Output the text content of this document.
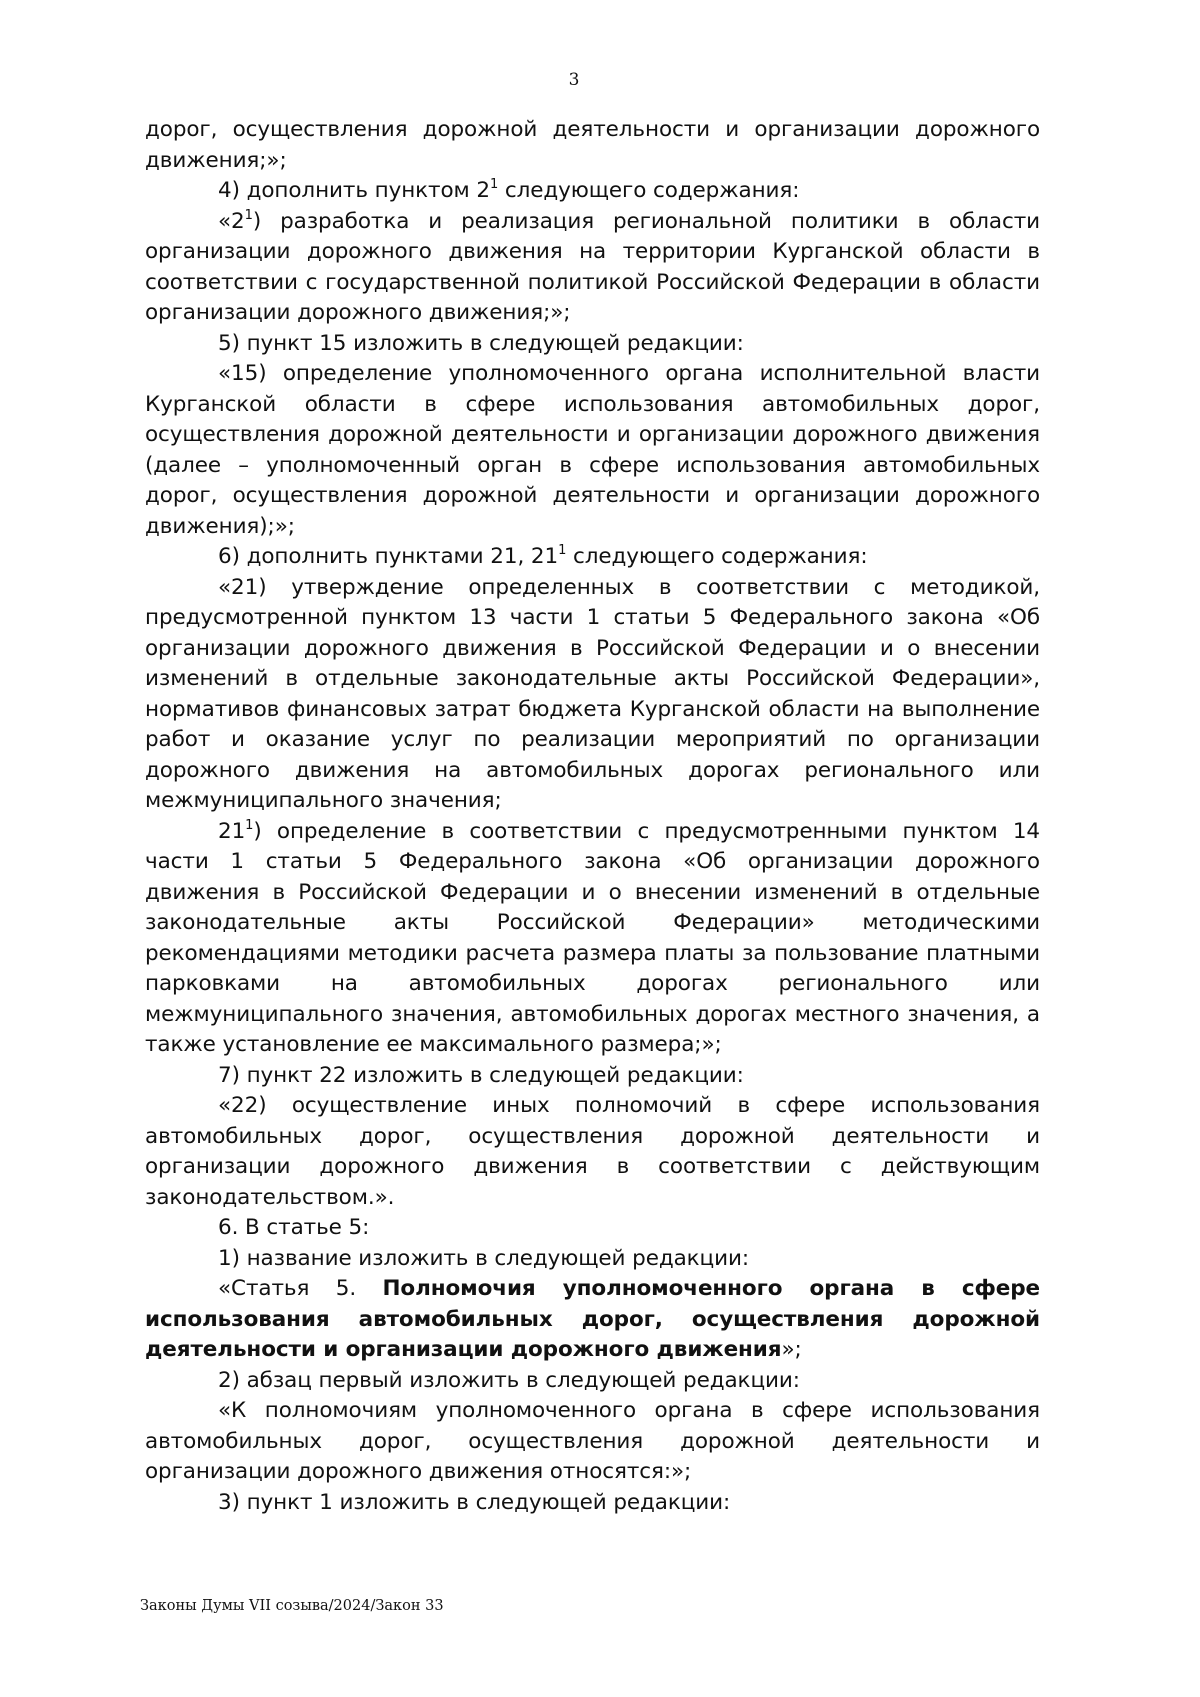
3

дорог, осуществления дорожной деятельности и организации дорожного движения;»;

4) дополнить пунктом $2^1$ следующего содержания:

«$2^1$) разработка и реализация региональной политики в области организации дорожного движения на территории Курганской области в соответствии с государственной политикой Российской Федерации в области организации дорожного движения;»;

5) пункт 15 изложить в следующей редакции:

«15) определение уполномоченного органа исполнительной власти Курганской области в сфере использования автомобильных дорог, осуществления дорожной деятельности и организации дорожного движения (далее – уполномоченный орган в сфере использования автомобильных дорог, осуществления дорожной деятельности и организации дорожного движения);»;

6) дополнить пунктами 21, $21^1$ следующего содержания:

«21) утверждение определенных в соответствии с методикой, предусмотренной пунктом 13 части 1 статьи 5 Федерального закона «Об организации дорожного движения в Российской Федерации и о внесении изменений в отдельные законодательные акты Российской Федерации», нормативов финансовых затрат бюджета Курганской области на выполнение работ и оказание услуг по реализации мероприятий по организации дорожного движения на автомобильных дорогах регионального или межмуниципального значения;

$21^1$) определение в соответствии с предусмотренными пунктом 14 части 1 статьи 5 Федерального закона «Об организации дорожного движения в Российской Федерации и о внесении изменений в отдельные законодательные акты Российской Федерации» методическими рекомендациями методики расчета размера платы за пользование платными парковками на автомобильных дорогах регионального или межмуниципального значения, автомобильных дорогах местного значения, а также установление ее максимального размера;»;

7) пункт 22 изложить в следующей редакции:

«22) осуществление иных полномочий в сфере использования автомобильных дорог, осуществления дорожной деятельности и организации дорожного движения в соответствии с действующим законодательством.».

6. В статье 5:

1) название изложить в следующей редакции:

«Статья 5. Полномочия уполномоченного органа в сфере использования автомобильных дорог, осуществления дорожной деятельности и организации дорожного движения»;

2) абзац первый изложить в следующей редакции:

«К полномочиям уполномоченного органа в сфере использования автомобильных дорог, осуществления дорожной деятельности и организации дорожного движения относятся:»;

3) пункт 1 изложить в следующей редакции:

Законы Думы VII созыва/2024/Закон 33
